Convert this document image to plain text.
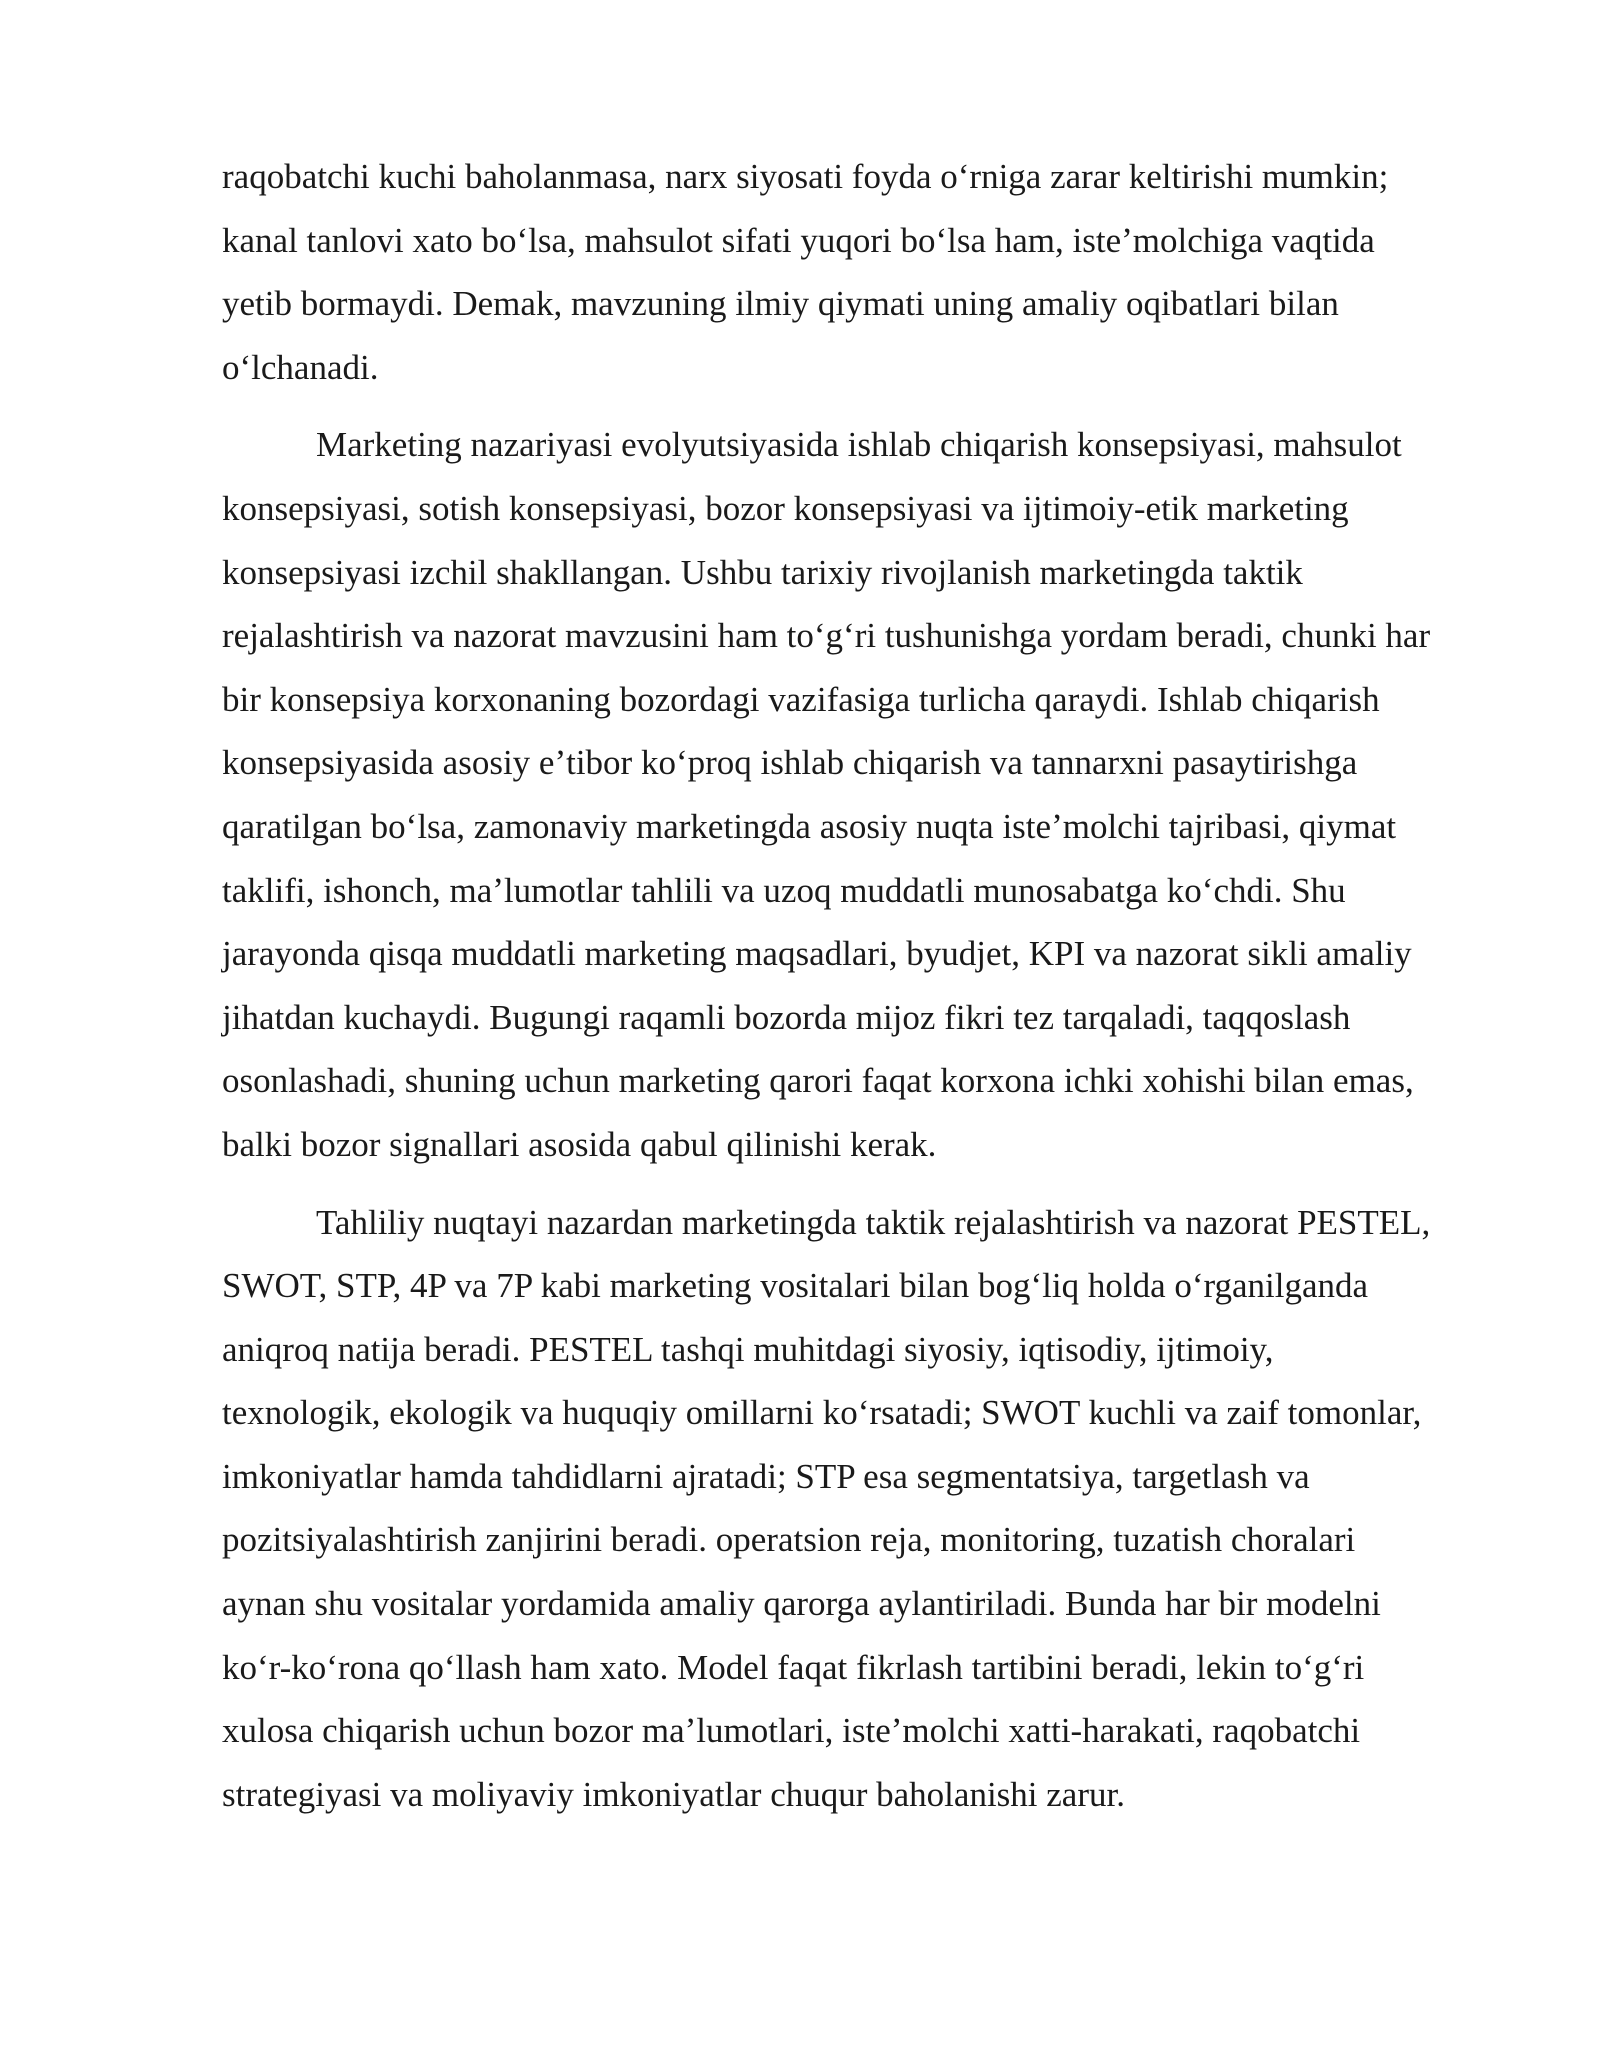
raqobatchi kuchi baholanmasa, narx siyosati foyda oʻrniga zarar keltirishi mumkin;
kanal tanlovi xato boʻlsa, mahsulot sifati yuqori boʻlsa ham, isteʼmolchiga vaqtida
yetib bormaydi. Demak, mavzuning ilmiy qiymati uning amaliy oqibatlari bilan
oʻlchanadi.

Marketing nazariyasi evolyutsiyasida ishlab chiqarish konsepsiyasi, mahsulot
konsepsiyasi, sotish konsepsiyasi, bozor konsepsiyasi va ijtimoiy-etik marketing
konsepsiyasi izchil shakllangan. Ushbu tarixiy rivojlanish marketingda taktik
rejalashtirish va nazorat mavzusini ham toʻgʻri tushunishga yordam beradi, chunki har
bir konsepsiya korxonaning bozordagi vazifasiga turlicha qaraydi. Ishlab chiqarish
konsepsiyasida asosiy eʼtibor koʻproq ishlab chiqarish va tannarxni pasaytirishga
qaratilgan boʻlsa, zamonaviy marketingda asosiy nuqta isteʼmolchi tajribasi, qiymat
taklifi, ishonch, maʼlumotlar tahlili va uzoq muddatli munosabatga koʻchdi. Shu
jarayonda qisqa muddatli marketing maqsadlari, byudjet, KPI va nazorat sikli amaliy
jihatdan kuchaydi. Bugungi raqamli bozorda mijoz fikri tez tarqaladi, taqqoslash
osonlashadi, shuning uchun marketing qarori faqat korxona ichki xohishi bilan emas,
balki bozor signallari asosida qabul qilinishi kerak.

Tahliliy nuqtayi nazardan marketingda taktik rejalashtirish va nazorat PESTEL,
SWOT, STP, 4P va 7P kabi marketing vositalari bilan bogʻliq holda oʻrganilganda
aniqroq natija beradi. PESTEL tashqi muhitdagi siyosiy, iqtisodiy, ijtimoiy,
texnologik, ekologik va huquqiy omillarni koʻrsatadi; SWOT kuchli va zaif tomonlar,
imkoniyatlar hamda tahdidlarni ajratadi; STP esa segmentatsiya, targetlash va
pozitsiyalashtirish zanjirini beradi. operatsion reja, monitoring, tuzatish choralari
aynan shu vositalar yordamida amaliy qarorga aylantiriladi. Bunda har bir modelni
koʻr-koʻrona qoʻllash ham xato. Model faqat fikrlash tartibini beradi, lekin toʻgʻri
xulosa chiqarish uchun bozor maʼlumotlari, isteʼmolchi xatti-harakati, raqobatchi
strategiyasi va moliyaviy imkoniyatlar chuqur baholanishi zarur.
